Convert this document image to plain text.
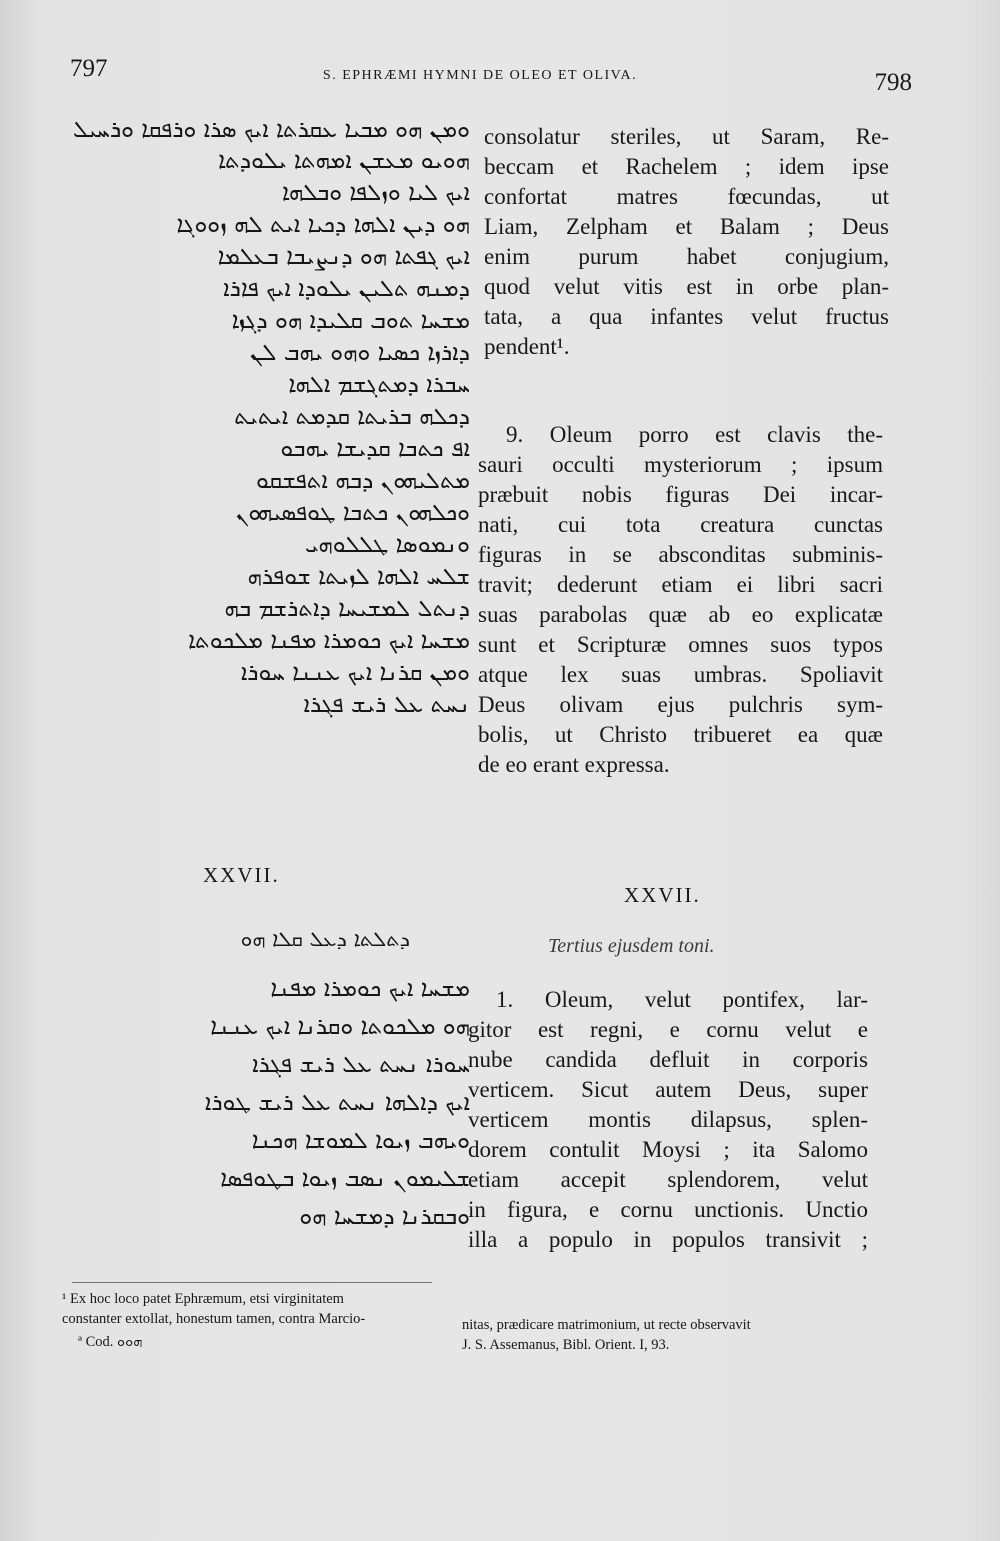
797	S. EPHRÆMI HYMNI DE OLEO ET OLIVA.	798
ܘܡܢ ܗܘ ܡܒܝܐ ܥܩܪܬܐ ܐܝܟ ܣܪܐ ܘܪܦܩܐ ܘܪܚܝܠ
ܗܘܝܘ ܡܥܫܢ ܐܡܗܬܐ ܝܠܘܕܬܐ
ܐܝܟ ܠܝܐ ܘܙܠܦܐ ܘܒܠܗܐ
ܗܘ ܕܝܢ ܐܠܗܐ ܕܟܝܐ ܐܝܬ ܠܗ ܙܘܘܓܐ
ܐܝܟ ܓܦܬܐ ܗܘ ܕܢܨܝܒܐ ܒܥܠܡܐ
ܕܡܢܗ ܬܠܝܢ ܝܠܘܕܐ ܐܝܟ ܦܐܪܐ
ܡܫܚܐ ܬܘܒ ܩܠܝܕܐ ܗܘ ܕܓܙܐ
ܕܐܪܙܐ ܟܣܝܐ ܘܗܘ ܝܗܒ ܠܢ
ܚܒܪܐ ܕܡܬܓܫܡ ܐܠܗܐ
ܕܟܠܗ ܒܪܝܬܐ ܩܕܡܬ ܐܝܬܝܬ
ܐܦ ܟܬܒܐ ܩܕܝܫܐ ܝܗܒܘ
ܡܬܠܝܗܘܢ ܕܒܗ ܐܬܦܫܩܘ
ܘܟܠܗܘܢ ܟܬܒܐ ܛܘܦܣܝܗܘܢ
ܘܢܡܘܣܐ ܛܠܠܘܗܝ
ܫܠܚ ܐܠܗܐ ܠܙܝܬܐ ܫܘܦܪܗ
ܕܢܬܠ ܠܡܫܝܚܐ ܕܐܬܪܫܡ ܒܗ
ܡܫܚܐ ܐܝܟ ܟܘܡܪܐ ܡܦܢܐ ܡܠܟܘܬܐ
ܘܡܢ ܩܪܢܐ ܐܝܟ ܥܢܢܐ ܚܘܪܐ
ܢܚܬ ܥܠ ܪܝܫ ܦܓܪܐ
XXVII.
ܕܬܠܬܐ ܕܥܠ ܩܠܐ ܗܘ
ܡܫܚܐ ܐܝܟ ܟܘܡܪܐ ܡܦܢܐ
ܗܘ ܡܠܟܘܬܐ ܘܩܪܢܐ ܐܝܟ ܥܢܢܐ
ܚܘܪܐ ܢܚܬ ܥܠ ܪܝܫ ܦܓܪܐ
ܐܝܟ ܕܐܠܗܐ ܢܚܬ ܥܠ ܪܝܫ ܛܘܪܐ
ܘܝܗܒ ܙܝܘܐ ܠܡܘܫܐ ܗܟܢܐ
ܫܠܝܡܘܢ ܢܣܒ ܙܝܘܐ ܒܛܘܦܣܐ
ܘܒܩܪܢܐ ܕܡܫܚܐ ܗܘ
consolatur steriles, ut Saram, Re-
beccam et Rachelem ; idem ipse
confortat matres fœcundas, ut
Liam, Zelpham et Balam ; Deus
enim purum habet conjugium,
quod velut vitis est in orbe plan-
tata, a qua infantes velut fructus
pendent¹.
9. Oleum porro est clavis the-
sauri occulti mysteriorum ; ipsum
præbuit nobis figuras Dei incar-
nati, cui tota creatura cunctas
figuras in se absconditas subminis-
travit; dederunt etiam ei libri sacri
suas parabolas quæ ab eo explicatæ
sunt et Scripturæ omnes suos typos
atque lex suas umbras. Spoliavit
Deus olivam ejus pulchris sym-
bolis, ut Christo tribueret ea quæ
de eo erant expressa.
XXVII.
Tertius ejusdem toni.
1. Oleum, velut pontifex, lar-
gitor est regni, e cornu velut e
nube candida defluit in corporis
verticem. Sicut autem Deus, super
verticem montis dilapsus, splen-
dorem contulit Moysi ; ita Salomo
etiam accepit splendorem, velut
in figura, e cornu unctionis. Unctio
illa a populo in populos transivit ;
¹ Ex hoc loco patet Ephræmum, etsi virginitatem
constanter extollat, honestum tamen, contra Marcio-
ª Cod. ܗܘܘ
nitas, prædicare matrimonium, ut recte observavit
J. S. Assemanus, Bibl. Orient. I, 93.
